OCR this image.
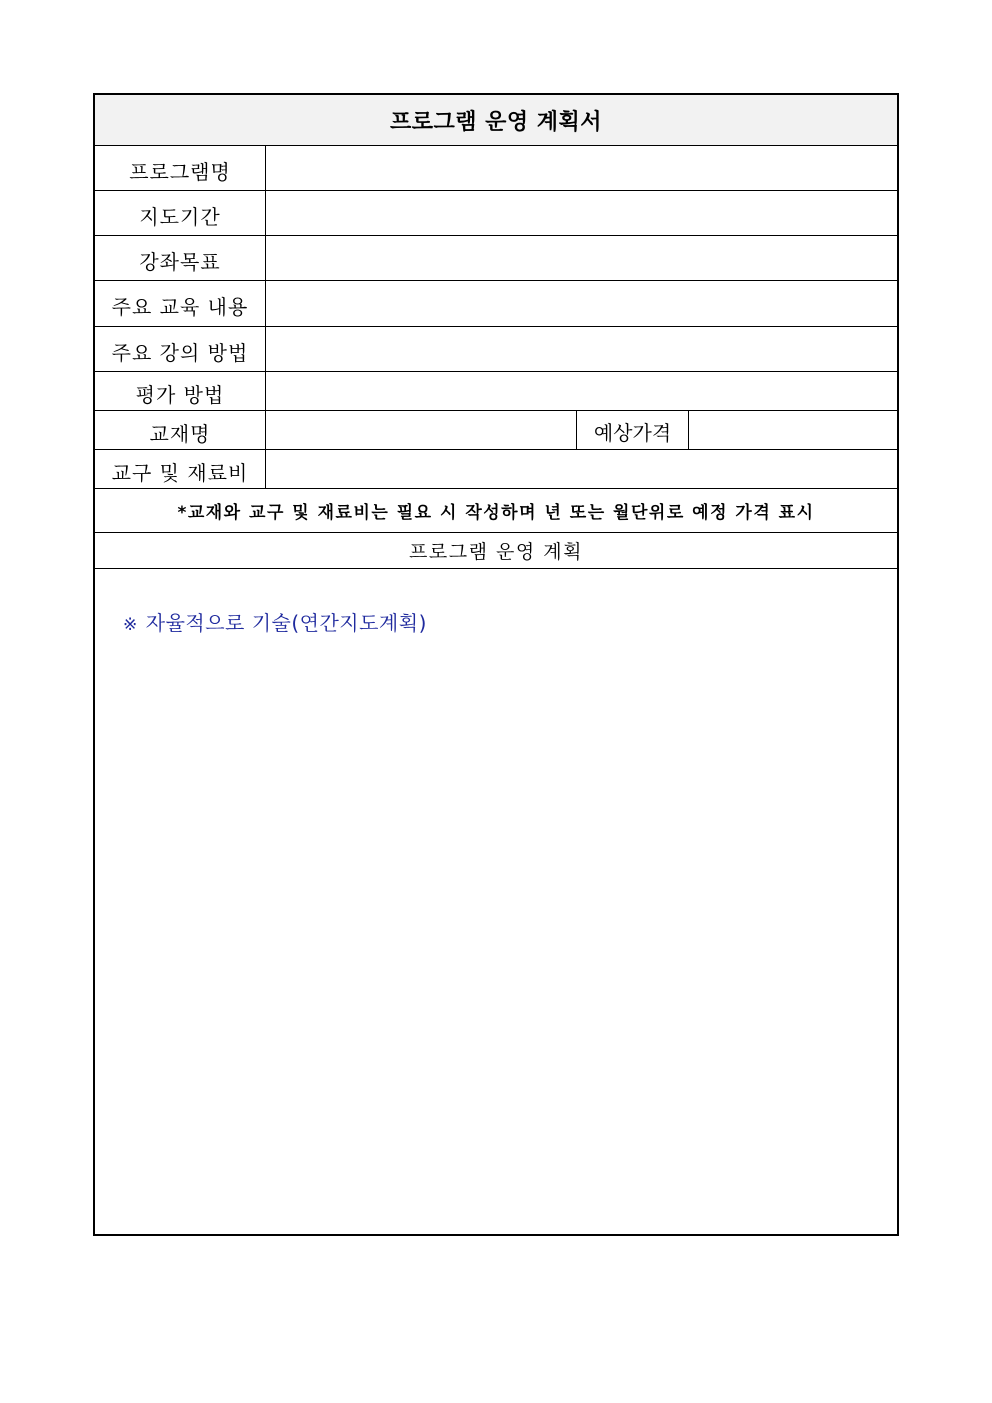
프로그램 운영 계획서
프로그램명
지도기간
강좌목표
주요 교육 내용
주요 강의 방법
평가 방법
교재명	예상가격
교구 및 재료비
*교재와 교구 및 재료비는 필요 시 작성하며 년 또는 월단위로 예정 가격 표시
프로그램 운영 계획
※ 자율적으로 기술(연간지도계획)
